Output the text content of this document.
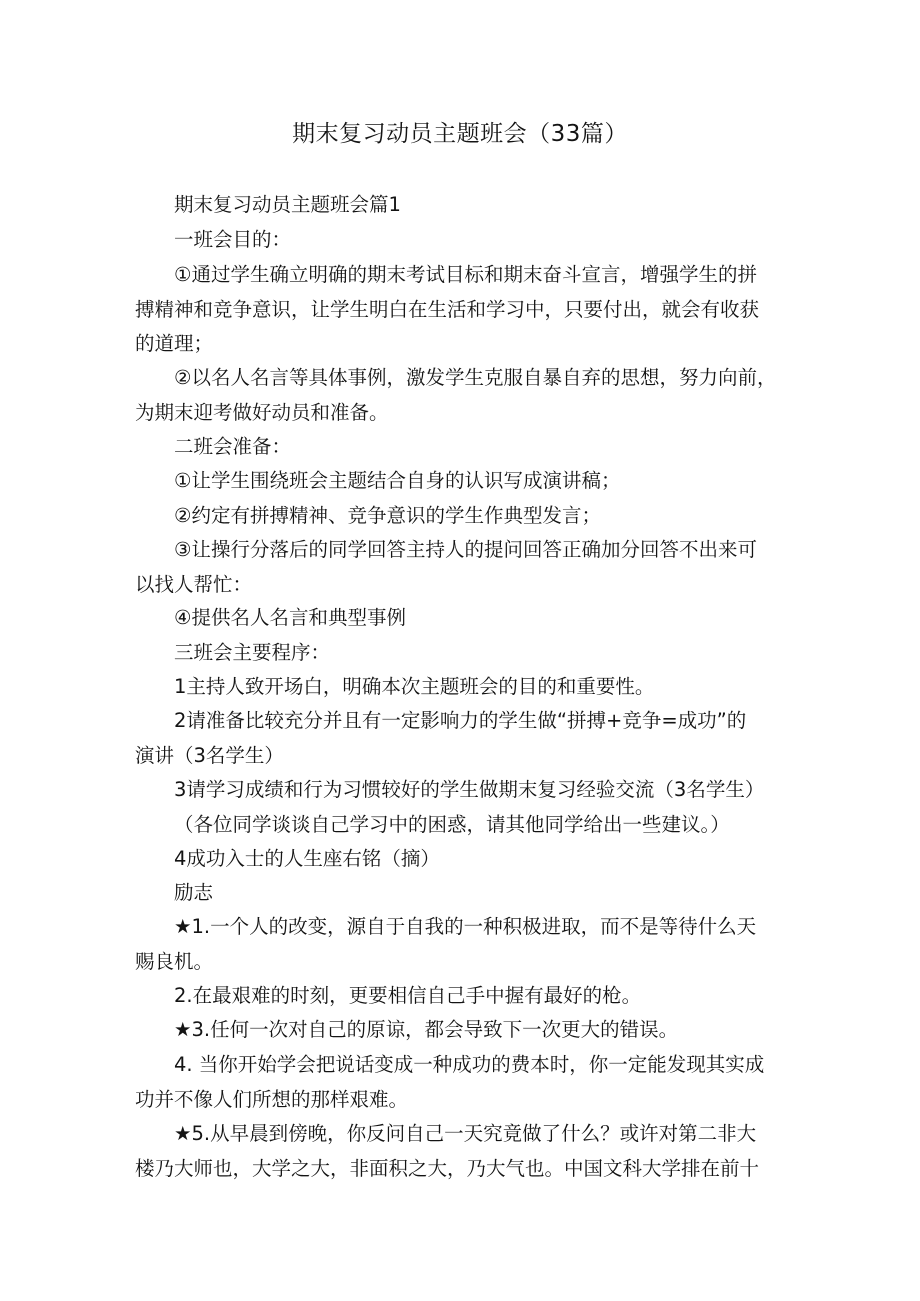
期末复习动员主题班会（33篇）
期末复习动员主题班会篇1
一班会目的：
①通过学生确立明确的期末考试目标和期末奋斗宣言，增强学生的拼
搏精神和竞争意识，让学生明白在生活和学习中，只要付出，就会有收获
的道理；
②以名人名言等具体事例，激发学生克服自暴自弃的思想，努力向前，
为期末迎考做好动员和准备。
二班会准备：
①让学生围绕班会主题结合自身的认识写成演讲稿；
②约定有拼搏精神、竞争意识的学生作典型发言；
③让操行分落后的同学回答主持人的提问回答正确加分回答不出来可
以找人帮忙：
④提供名人名言和典型事例
三班会主要程序：
1主持人致开场白，明确本次主题班会的目的和重要性。
2请准备比较充分并且有一定影响力的学生做“拼搏+竞争=成功”的
演讲（3名学生）
3请学习成绩和行为习惯较好的学生做期末复习经验交流（3名学生）
（各位同学谈谈自己学习中的困惑，请其他同学给出一些建议。）
4成功入士的人生座右铭（摘）
励志
★1.一个人的改变，源自于自我的一种积极进取，而不是等待什么天
赐良机。
2.在最艰难的时刻，更要相信自己手中握有最好的枪。
★3.任何一次对自己的原谅，都会导致下一次更大的错误。
4. 当你开始学会把说话变成一种成功的费本时，你一定能发现其实成
功并不像人们所想的那样艰难。
★5.从早晨到傍晚，你反问自己一天究竟做了什么？或许对第二非大
楼乃大师也，大学之大，非面积之大，乃大气也。中国文科大学排在前十
